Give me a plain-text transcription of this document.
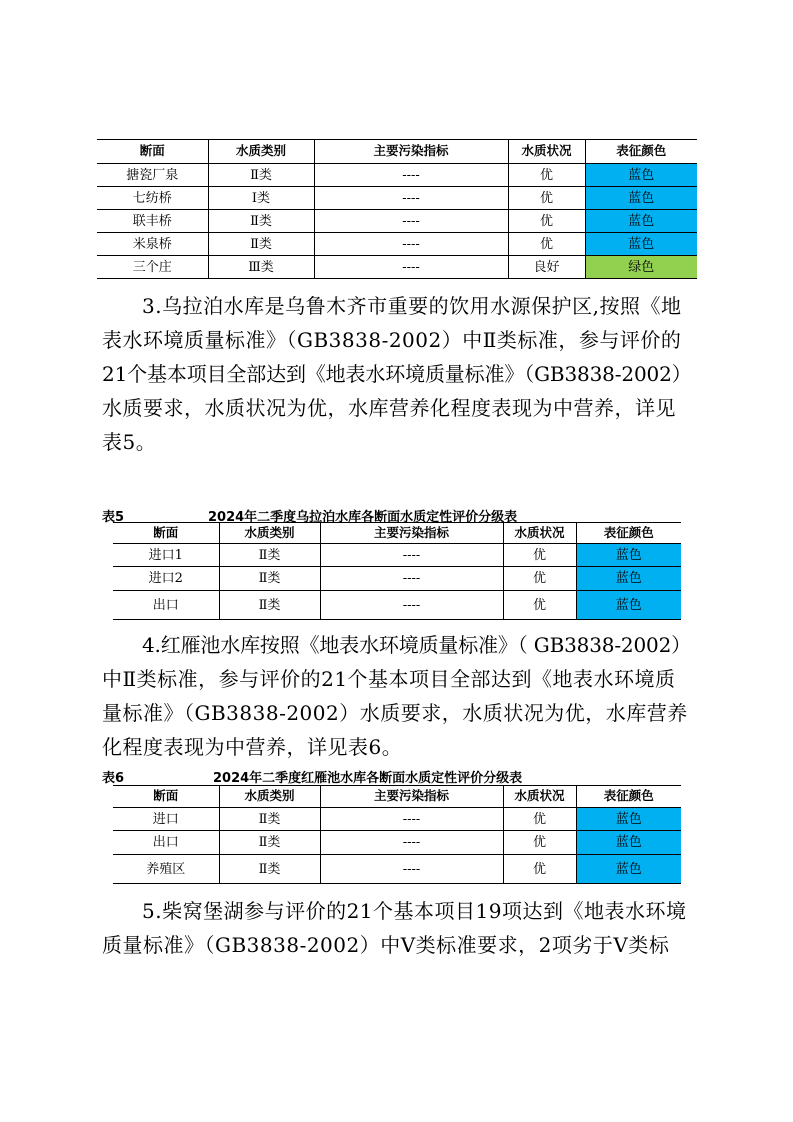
断面	水质类别	主要污染指标	水质状况	表征颜色
搪瓷厂泉	Ⅱ类	----	优	蓝色
七纺桥	Ⅰ类	----	优	蓝色
联丰桥	Ⅱ类	----	优	蓝色
米泉桥	Ⅱ类	----	优	蓝色
三个庄	Ⅲ类	----	良好	绿色
3.乌拉泊水库是乌鲁木齐市重要的饮用水源保护区,按照《地
表水环境质量标准》（GB3838-2002）中Ⅱ类标准，参与评价的
21个基本项目全部达到《地表水环境质量标准》（GB3838-2002）
水质要求，水质状况为优，水库营养化程度表现为中营养，详见
表5。
表5	2024年二季度乌拉泊水库各断面水质定性评价分级表
断面	水质类别	主要污染指标	水质状况	表征颜色
进口1	Ⅱ类	----	优	蓝色
进口2	Ⅱ类	----	优	蓝色
出口	Ⅱ类	----	优	蓝色
4.红雁池水库按照《地表水环境质量标准》（ GB3838-2002）
中Ⅱ类标准，参与评价的21个基本项目全部达到《地表水环境质
量标准》（GB3838-2002）水质要求，水质状况为优，水库营养
化程度表现为中营养，详见表6。
表6	2024年二季度红雁池水库各断面水质定性评价分级表
断面	水质类别	主要污染指标	水质状况	表征颜色
进口	Ⅱ类	----	优	蓝色
出口	Ⅱ类	----	优	蓝色
养殖区	Ⅱ类	----	优	蓝色
5.柴窝堡湖参与评价的21个基本项目19项达到《地表水环境
质量标准》（GB3838-2002）中Ⅴ类标准要求，2项劣于Ⅴ类标
